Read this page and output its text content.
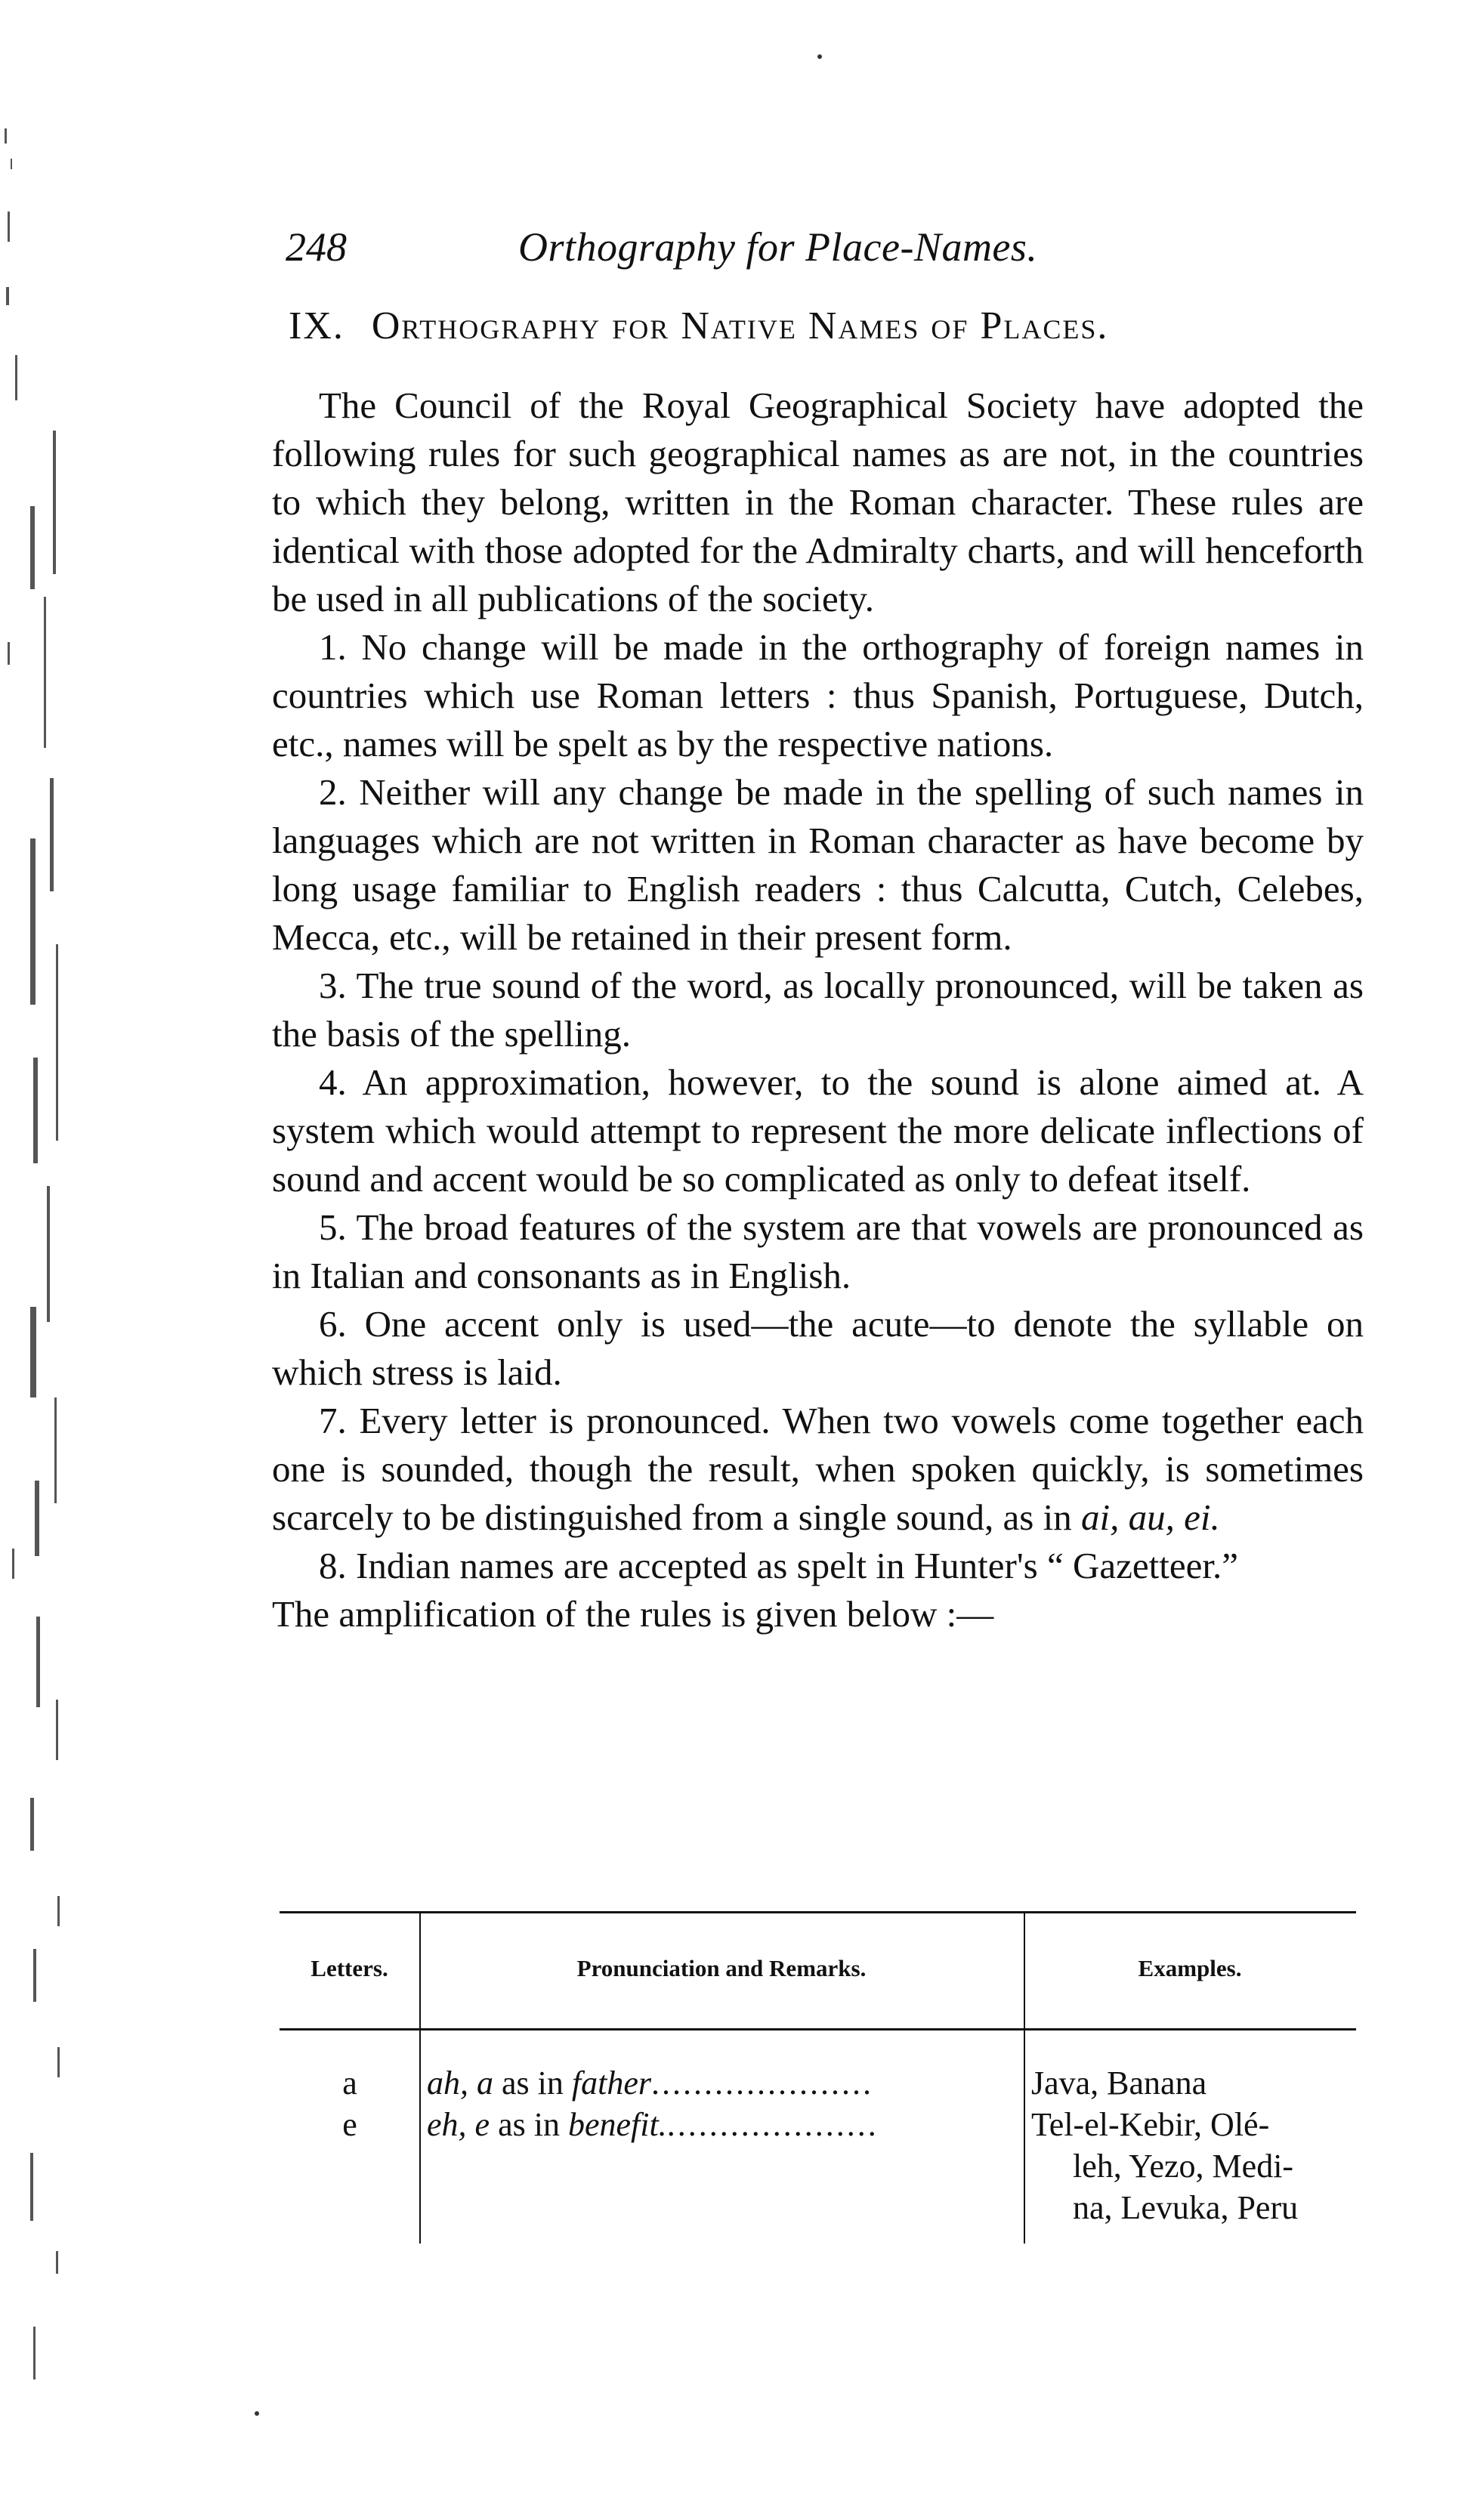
248	Orthography for Place-Names.
IX. Orthography for Native Names of Places.

The Council of the Royal Geographical Society have adopted the following rules for such geographical names as are not, in the countries to which they belong, written in the Roman character. These rules are identical with those adopted for the Admiralty charts, and will henceforth be used in all publications of the society.

1. No change will be made in the orthography of foreign names in countries which use Roman letters : thus Spanish, Portuguese, Dutch, etc., names will be spelt as by the respective nations.

2. Neither will any change be made in the spelling of such names in languages which are not written in Roman character as have become by long usage familiar to English readers : thus Calcutta, Cutch, Celebes, Mecca, etc., will be retained in their present form.

3. The true sound of the word, as locally pronounced, will be taken as the basis of the spelling.

4. An approximation, however, to the sound is alone aimed at. A system which would attempt to represent the more delicate inflections of sound and accent would be so complicated as only to defeat itself.

5. The broad features of the system are that vowels are pronounced as in Italian and consonants as in English.

6. One accent only is used—the acute—to denote the syllable on which stress is laid.

7. Every letter is pronounced. When two vowels come together each one is sounded, though the result, when spoken quickly, is sometimes scarcely to be distinguished from a single sound, as in ai, au, ei.

8. Indian names are accepted as spelt in Hunter's “ Gazetteer.”

The amplification of the rules is given below :—

Letters.	Pronunciation and Remarks.	Examples.
a	ah, a as in father.....................	Java, Banana
e	eh, e as in benefit.....................	Tel-el-Kebir, Olé-
leh, Yezo, Medi-
na, Levuka, Peru
